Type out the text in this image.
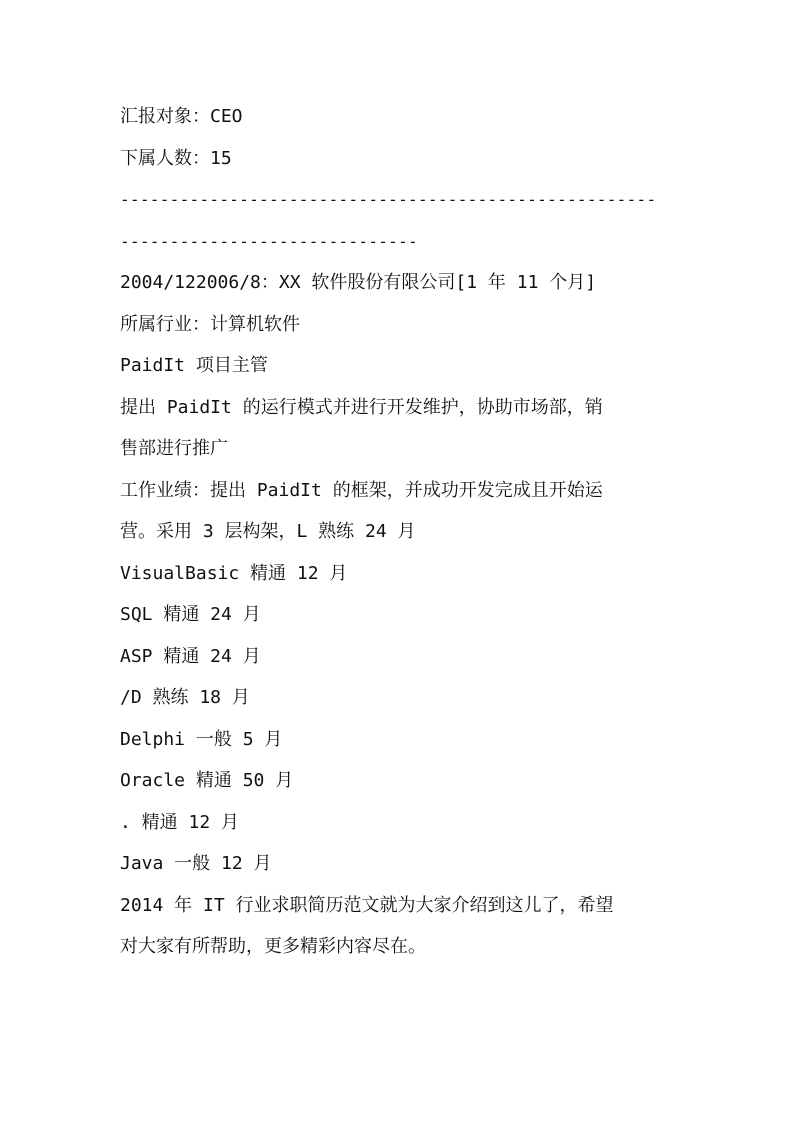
汇报对象：CEO
下属人数：15
------------------------------------------------------
------------------------------
2004/122006/8：XX 软件股份有限公司[1 年 11 个月]
所属行业：计算机软件
PaidIt 项目主管
提出 PaidIt 的运行模式并进行开发维护，协助市场部，销
售部进行推广
工作业绩：提出 PaidIt 的框架，并成功开发完成且开始运
营。采用 3 层构架，L 熟练 24 月
VisualBasic 精通 12 月
SQL 精通 24 月
ASP 精通 24 月
/D 熟练 18 月
Delphi 一般 5 月
Oracle 精通 50 月
. 精通 12 月
Java 一般 12 月
2014 年 IT 行业求职简历范文就为大家介绍到这儿了，希望
对大家有所帮助，更多精彩内容尽在。
